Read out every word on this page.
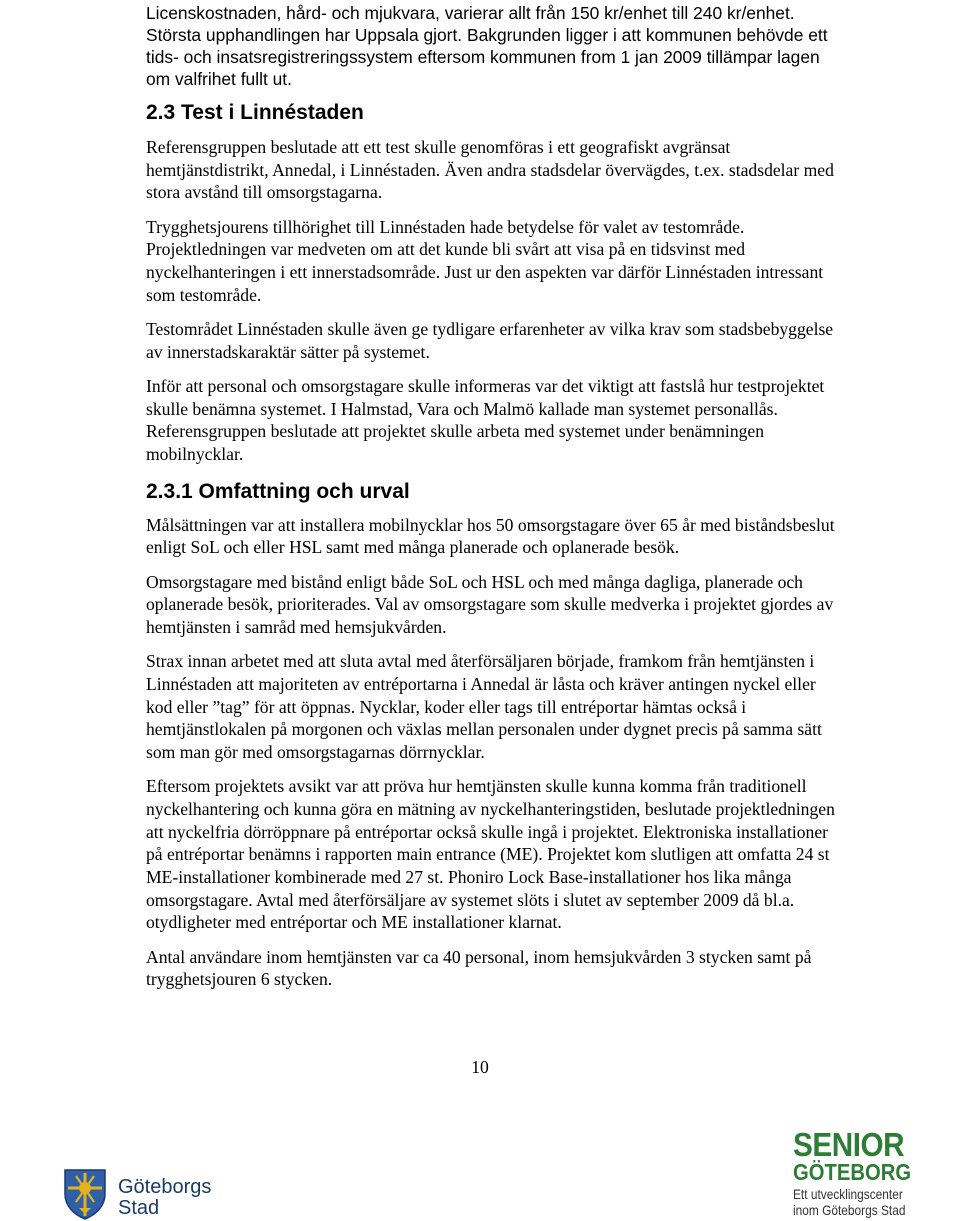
Licenskostnaden, hård- och mjukvara, varierar allt från 150 kr/enhet till 240 kr/enhet.
Största upphandlingen har Uppsala gjort. Bakgrunden ligger i att kommunen behövde ett
tids- och insatsregistreringssystem eftersom kommunen from 1 jan 2009 tillämpar lagen
om valfrihet fullt ut.
2.3 Test i Linnéstaden

Referensgruppen beslutade att ett test skulle genomföras i ett geografiskt avgränsat hemtjänstdistrikt, Annedal, i Linnéstaden. Även andra stadsdelar övervägdes, t.ex. stadsdelar med stora avstånd till omsorgstagarna.

Trygghetsjourens tillhörighet till Linnéstaden hade betydelse för valet av testområde.

Projektledningen var medveten om att det kunde bli svårt att visa på en tidsvinst med nyckelhanteringen i ett innerstadsområde. Just ur den aspekten var därför Linnéstaden intressant som testområde.

Testområdet Linnéstaden skulle även ge tydligare erfarenheter av vilka krav som stadsbebyggelse av innerstadskaraktär sätter på systemet.

Inför att personal och omsorgstagare skulle informeras var det viktigt att fastslå hur testprojektet skulle benämna systemet. I Halmstad, Vara och Malmö kallade man systemet personallås. Referensgruppen beslutade att projektet skulle arbeta med systemet under benämningen mobilnycklar.

2.3.1 Omfattning och urval

Målsättningen var att installera mobilnycklar hos 50 omsorgstagare över 65 år med biståndsbeslut enligt SoL och eller HSL samt med många planerade och oplanerade besök.

Omsorgstagare med bistånd enligt både SoL och HSL och med många dagliga, planerade och oplanerade besök, prioriterades. Val av omsorgstagare som skulle medverka i projektet gjordes av hemtjänsten i samråd med hemsjukvården.

Strax innan arbetet med att sluta avtal med återförsäljaren började, framkom från hemtjänsten i Linnéstaden att majoriteten av entréportarna i Annedal är låsta och kräver antingen nyckel eller kod eller ”tag” för att öppnas. Nycklar, koder eller tags till entréportar hämtas också i hemtjänstlokalen på morgonen och växlas mellan personalen under dygnet precis på samma sätt som man gör med omsorgstagarnas dörrnycklar.

Eftersom projektets avsikt var att pröva hur hemtjänsten skulle kunna komma från traditionell nyckelhantering och kunna göra en mätning av nyckelhanteringstiden, beslutade projektledningen att nyckelfria dörröppnare på entréportar också skulle ingå i projektet. Elektroniska installationer på entréportar benämns i rapporten main entrance (ME). Projektet kom slutligen att omfatta 24 st ME-installationer kombinerade med 27 st. Phoniro Lock Base-installationer hos lika många omsorgstagare. Avtal med återförsäljare av systemet slöts i slutet av september 2009 då bl.a. otydligheter med entréportar och ME installationer klarnat.

Antal användare inom hemtjänsten var ca 40 personal, inom hemsjukvården 3 stycken samt på trygghetsjouren 6 stycken.

10
Göteborgs
Stad
SENIOR
GÖTEBORG
Ett utvecklingscenter
inom Göteborgs Stad
